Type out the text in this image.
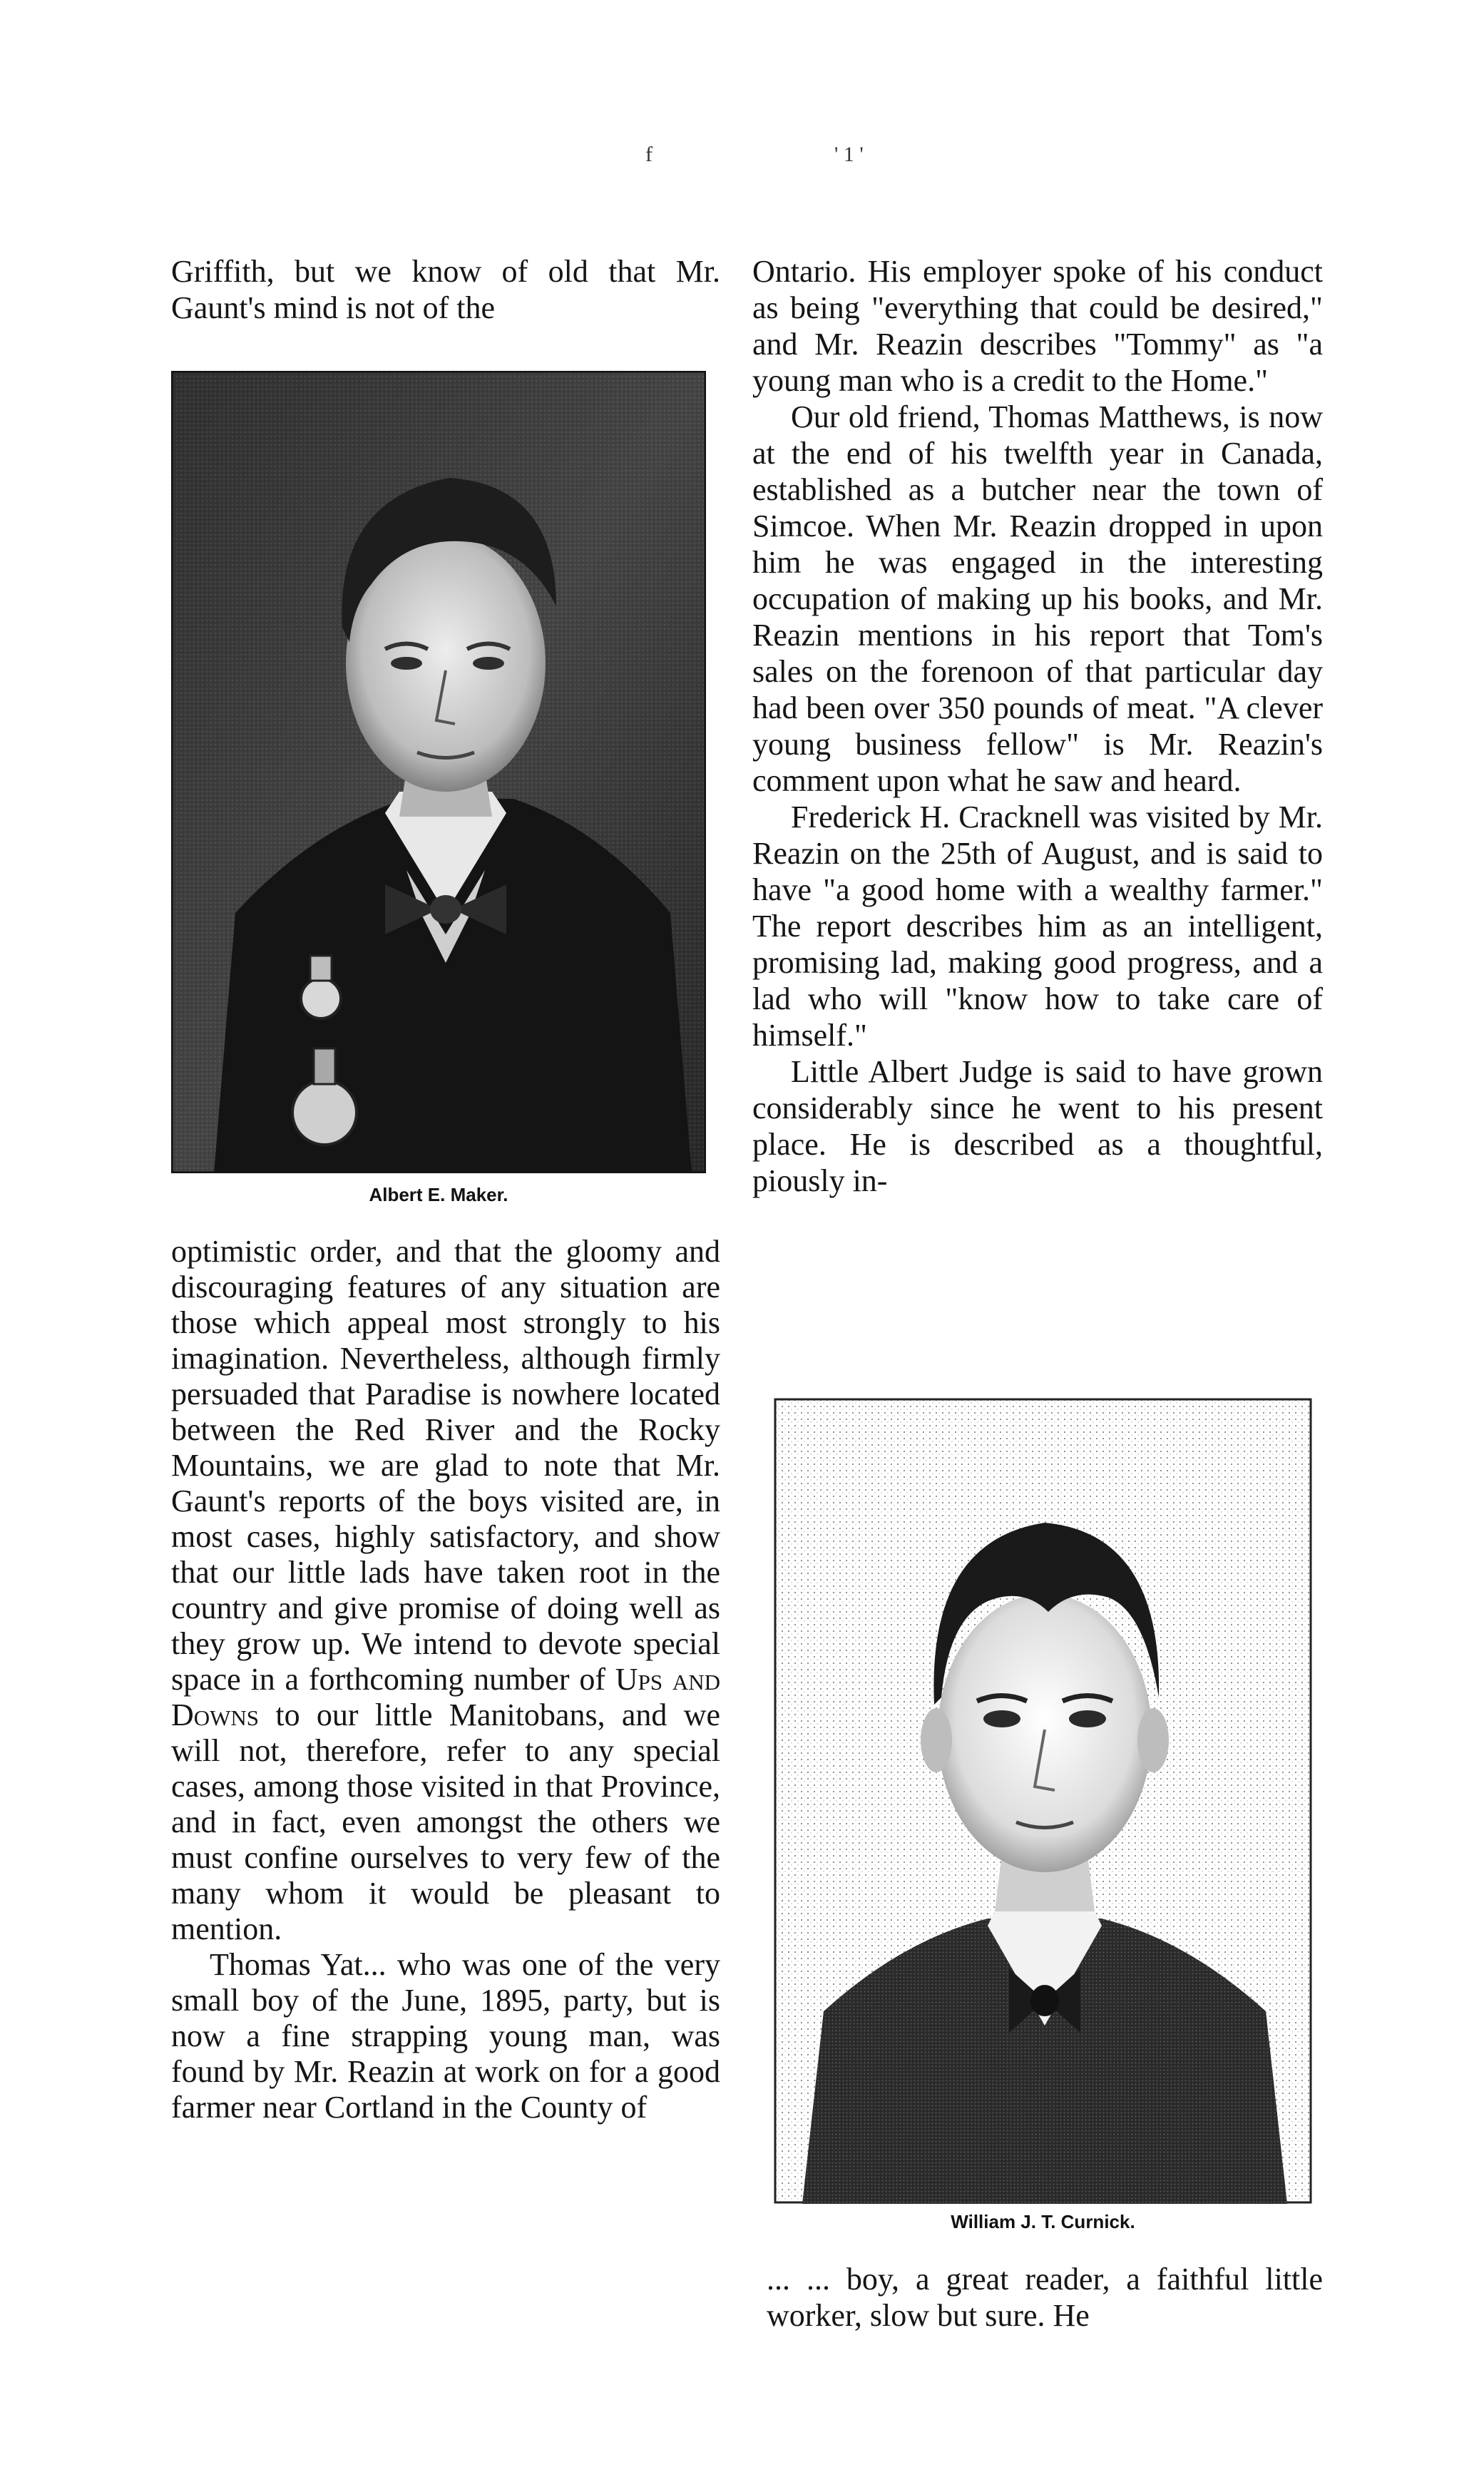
f	' 1 '

Griffith, but we know of old that Mr. Gaunt's mind is not of the

Albert E. Maker.

optimistic order, and that the gloomy and discouraging features of any situation are those which appeal most strongly to his imagination. Nevertheless, although firmly persuaded that Paradise is nowhere located between the Red River and the Rocky Mountains, we are glad to note that Mr. Gaunt's reports of the boys visited are, in most cases, highly satisfactory, and show that our little lads have taken root in the country and give promise of doing well as they grow up. We intend to devote special space in a forthcoming number of Ups and Downs to our little Manitobans, and we will not, therefore, refer to any special cases, among those visited in that Province, and in fact, even amongst the others we must confine ourselves to very few of the many whom it would be pleasant to mention.

Thomas Yat... who was one of the very small boy of the June, 1895, party, but is now a fine strapping young man, was found by Mr. Reazin at work on for a good farmer near Cortland in the County of

Ontario. His employer spoke of his conduct as being "everything that could be desired," and Mr. Reazin describes "Tommy" as "a young man who is a credit to the Home."

Our old friend, Thomas Matthews, is now at the end of his twelfth year in Canada, established as a butcher near the town of Simcoe. When Mr. Reazin dropped in upon him he was engaged in the interesting occupation of making up his books, and Mr. Reazin mentions in his report that Tom's sales on the forenoon of that particular day had been over 350 pounds of meat. "A clever young business fellow" is Mr. Reazin's comment upon what he saw and heard.

Frederick H. Cracknell was visited by Mr. Reazin on the 25th of August, and is said to have "a good home with a wealthy farmer." The report describes him as an intelligent, promising lad, making good progress, and a lad who will "know how to take care of himself."

Little Albert Judge is said to have grown considerably since he went to his present place. He is described as a thoughtful, piously in-

William J. T. Curnick.

... ... boy, a great reader, a faithful little worker, slow but sure. He
